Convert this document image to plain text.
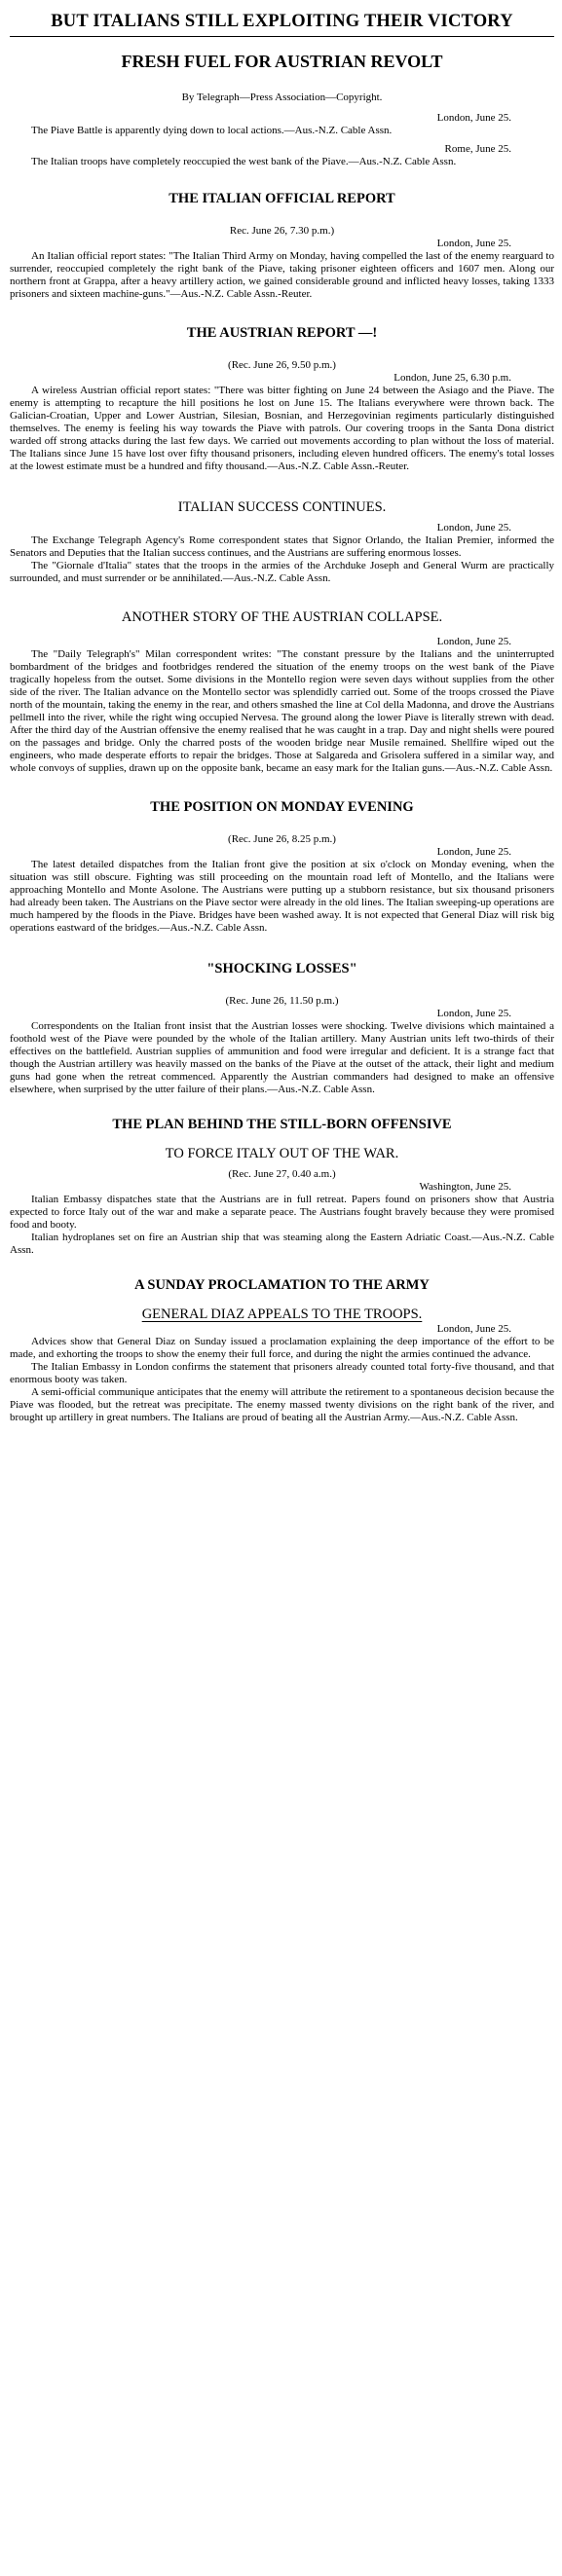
BUT ITALIANS STILL EXPLOITING THEIR VICTORY
FRESH FUEL FOR AUSTRIAN REVOLT
By Telegraph—Press Association—Copyright.
London, June 25.

The Piave Battle is apparently dying down to local actions.—Aus.-N.Z. Cable Assn.

Rome, June 25.

The Italian troops have completely reoccupied the west bank of the Piave.—Aus.-N.Z. Cable Assn.

THE ITALIAN OFFICIAL REPORT
Rec. June 26, 7.30 p.m.)
London, June 25.

An Italian official report states: "The Italian Third Army on Monday, having compelled the last of the enemy rearguard to surrender, reoccupied completely the right bank of the Piave, taking prisoner eighteen officers and 1607 men. Along our northern front at Grappa, after a heavy artillery action, we gained considerable ground and inflicted heavy losses, taking 1333 prisoners and sixteen machine-guns."—Aus.-N.Z. Cable Assn.-Reuter.

THE AUSTRIAN REPORT —!
(Rec. June 26, 9.50 p.m.)
London, June 25, 6.30 p.m.

A wireless Austrian official report states: "There was bitter fighting on June 24 between the Asiago and the Piave. The enemy is attempting to recapture the hill positions he lost on June 15. The Italians everywhere were thrown back. The Galician-Croatian, Upper and Lower Austrian, Silesian, Bosnian, and Herzegovinian regiments particularly distinguished themselves. The enemy is feeling his way towards the Piave with patrols. Our covering troops in the Santa Dona district warded off strong attacks during the last few days. We carried out movements according to plan without the loss of material. The Italians since June 15 have lost over fifty thousand prisoners, including eleven hundred officers. The enemy's total losses at the lowest estimate must be a hundred and fifty thousand.—Aus.-N.Z. Cable Assn.-Reuter.

ITALIAN SUCCESS CONTINUES.
London, June 25.

The Exchange Telegraph Agency's Rome correspondent states that Signor Orlando, the Italian Premier, informed the Senators and Deputies that the Italian success continues, and the Austrians are suffering enormous losses.

The "Giornale d'Italia" states that the troops in the armies of the Archduke Joseph and General Wurm are practically surrounded, and must surrender or be annihilated.—Aus.-N.Z. Cable Assn.

ANOTHER STORY OF THE AUSTRIAN COLLAPSE.
London, June 25.

The "Daily Telegraph's" Milan correspondent writes: "The constant pressure by the Italians and the uninterrupted bombardment of the bridges and footbridges rendered the situation of the enemy troops on the west bank of the Piave tragically hopeless from the outset. Some divisions in the Montello region were seven days without supplies from the other side of the river. The Italian advance on the Montello sector was splendidly carried out. Some of the troops crossed the Piave north of the mountain, taking the enemy in the rear, and others smashed the line at Col della Madonna, and drove the Austrians pellmell into the river, while the right wing occupied Nervesa. The ground along the lower Piave is literally strewn with dead. After the third day of the Austrian offensive the enemy realised that he was caught in a trap. Day and night shells were poured on the passages and bridge. Only the charred posts of the wooden bridge near Musile remained. Shellfire wiped out the engineers, who made desperate efforts to repair the bridges. Those at Salgareda and Grisolera suffered in a similar way, and whole convoys of supplies, drawn up on the opposite bank, became an easy mark for the Italian guns.—Aus.-N.Z. Cable Assn.

THE POSITION ON MONDAY EVENING
(Rec. June 26, 8.25 p.m.)
London, June 25.

The latest detailed dispatches from the Italian front give the position at six o'clock on Monday evening, when the situation was still obscure. Fighting was still proceeding on the mountain road left of Montello, and the Italians were approaching Montello and Monte Asolone. The Austrians were putting up a stubborn resistance, but six thousand prisoners had already been taken. The Austrians on the Piave sector were already in the old lines. The Italian sweeping-up operations are much hampered by the floods in the Piave. Bridges have been washed away. It is not expected that General Diaz will risk big operations eastward of the bridges.—Aus.-N.Z. Cable Assn.

"SHOCKING LOSSES"
(Rec. June 26, 11.50 p.m.)
London, June 25.

Correspondents on the Italian front insist that the Austrian losses were shocking. Twelve divisions which maintained a foothold west of the Piave were pounded by the whole of the Italian artillery. Many Austrian units left two-thirds of their effectives on the battlefield. Austrian supplies of ammunition and food were irregular and deficient. It is a strange fact that though the Austrian artillery was heavily massed on the banks of the Piave at the outset of the attack, their light and medium guns had gone when the retreat commenced. Apparently the Austrian commanders had designed to make an offensive elsewhere, when surprised by the utter failure of their plans.—Aus.-N.Z. Cable Assn.

THE PLAN BEHIND THE STILL-BORN OFFENSIVE
TO FORCE ITALY OUT OF THE WAR.
(Rec. June 27, 0.40 a.m.)
Washington, June 25.

Italian Embassy dispatches state that the Austrians are in full retreat. Papers found on prisoners show that Austria expected to force Italy out of the war and make a separate peace. The Austrians fought bravely because they were promised food and booty.

Italian hydroplanes set on fire an Austrian ship that was steaming along the Eastern Adriatic Coast.—Aus.-N.Z. Cable Assn.

A SUNDAY PROCLAMATION TO THE ARMY
GENERAL DIAZ APPEALS TO THE TROOPS.
London, June 25.

Advices show that General Diaz on Sunday issued a proclamation explaining the deep importance of the effort to be made, and exhorting the troops to show the enemy their full force, and during the night the armies continued the advance.

The Italian Embassy in London confirms the statement that prisoners already counted total forty-five thousand, and that enormous booty was taken.

A semi-official communique anticipates that the enemy will attribute the retirement to a spontaneous decision because the Piave was flooded, but the retreat was precipitate. The enemy massed twenty divisions on the right bank of the river, and brought up artillery in great numbers. The Italians are proud of beating all the Austrian Army.—Aus.-N.Z. Cable Assn.
